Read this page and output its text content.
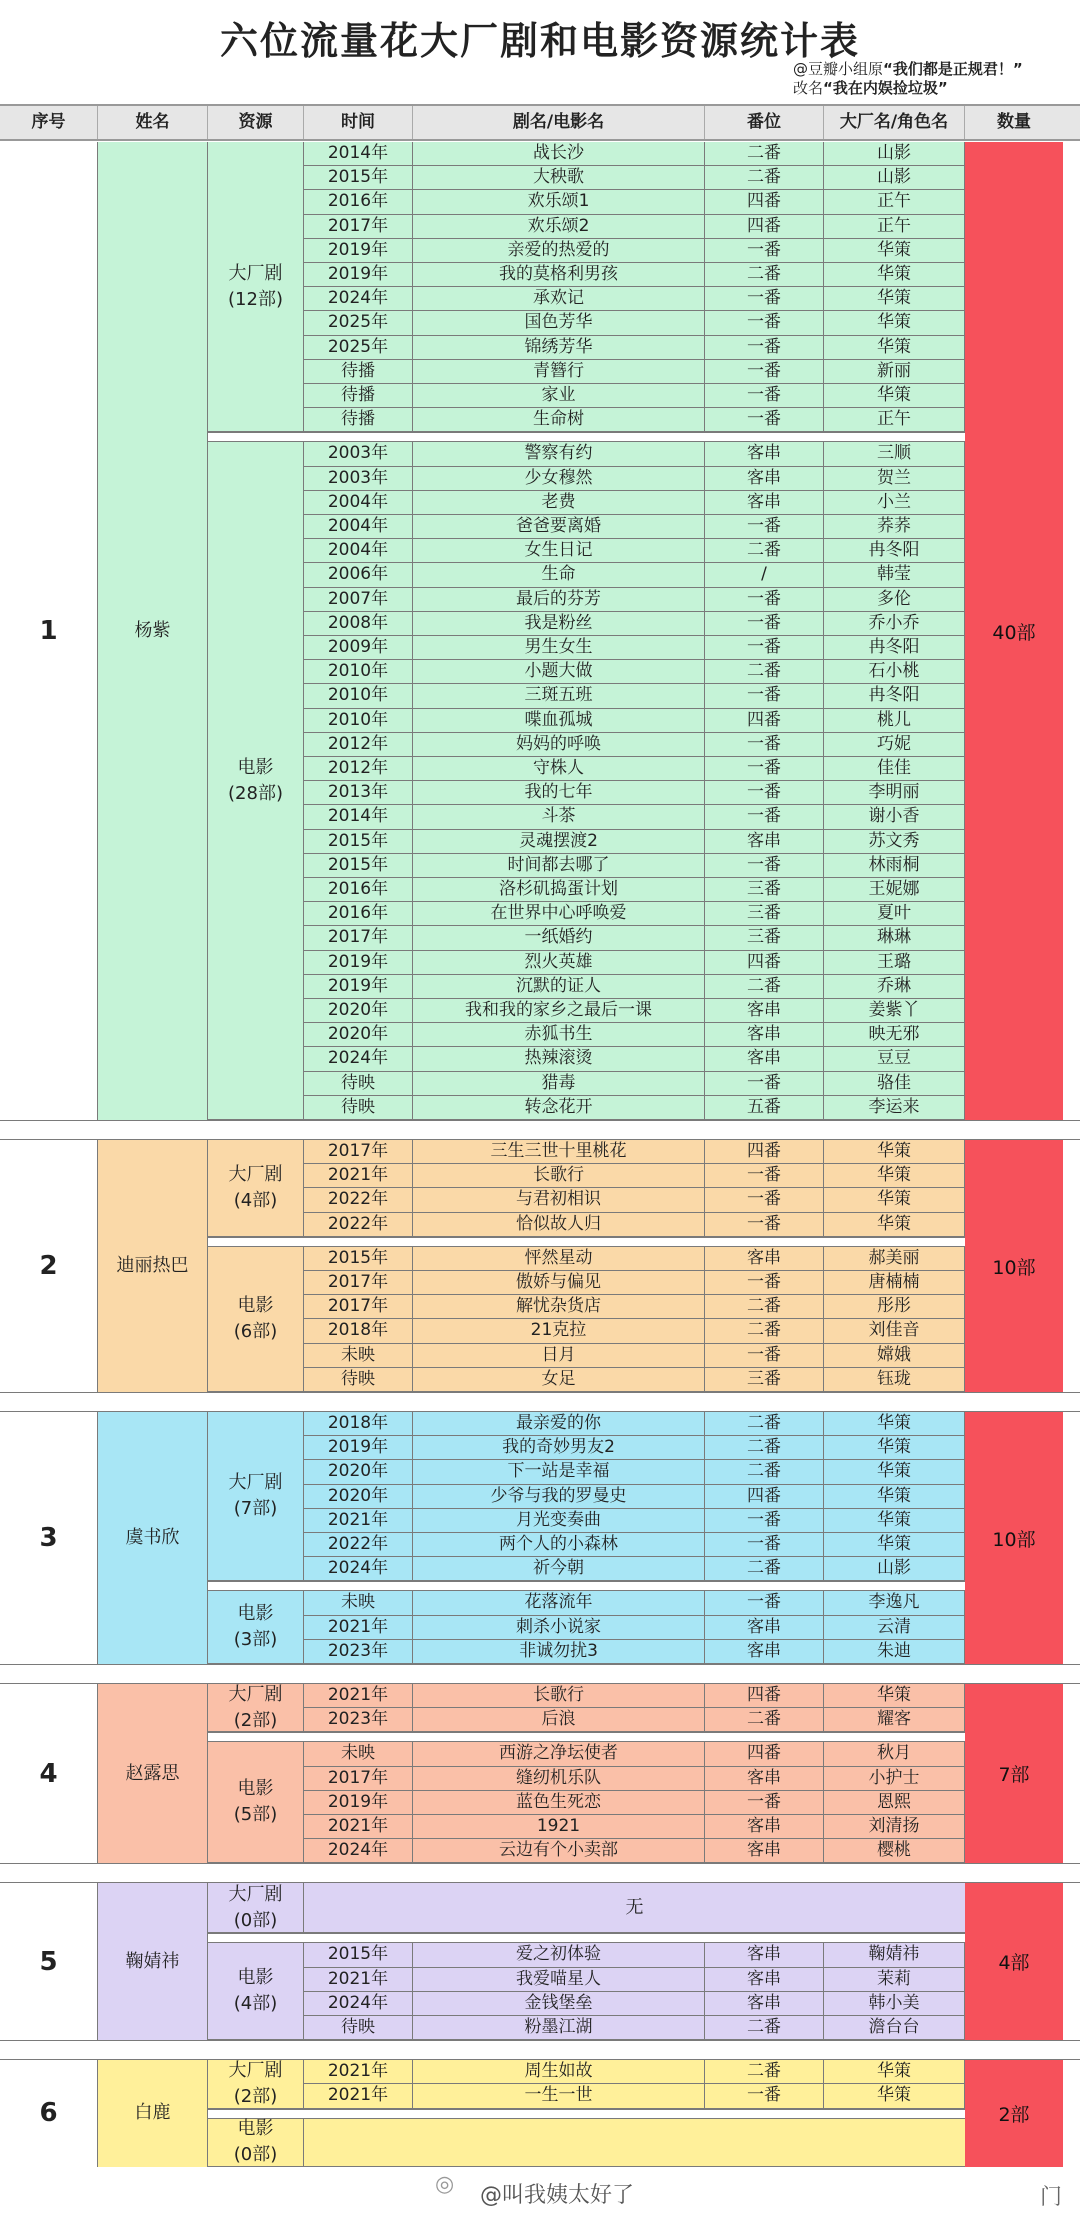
六位流量花大厂剧和电影资源统计表
@豆瓣小组原“我们都是正规君！”
改名“我在内娱捡垃圾”
序号	姓名	资源	时间	剧名/电影名	番位	大厂名/角色名	数量
1	杨紫	40部
大厂剧
(12部)
2014年	战长沙	二番	山影
2015年	大秧歌	二番	山影
2016年	欢乐颂1	四番	正午
2017年	欢乐颂2	四番	正午
2019年	亲爱的热爱的	一番	华策
2019年	我的莫格利男孩	二番	华策
2024年	承欢记	一番	华策
2025年	国色芳华	一番	华策
2025年	锦绣芳华	一番	华策
待播	青簪行	一番	新丽
待播	家业	一番	华策
待播	生命树	一番	正午
电影
(28部)
2003年	警察有约	客串	三顺
2003年	少女穆然	客串	贺兰
2004年	老费	客串	小兰
2004年	爸爸要离婚	一番	荞荞
2004年	女生日记	二番	冉冬阳
2006年	生命	/	韩莹
2007年	最后的芬芳	一番	多伦
2008年	我是粉丝	一番	乔小乔
2009年	男生女生	一番	冉冬阳
2010年	小题大做	二番	石小桃
2010年	三斑五班	一番	冉冬阳
2010年	喋血孤城	四番	桃儿
2012年	妈妈的呼唤	一番	巧妮
2012年	守株人	一番	佳佳
2013年	我的七年	一番	李明丽
2014年	斗茶	一番	谢小香
2015年	灵魂摆渡2	客串	苏文秀
2015年	时间都去哪了	一番	林雨桐
2016年	洛杉矶捣蛋计划	三番	王妮娜
2016年	在世界中心呼唤爱	三番	夏叶
2017年	一纸婚约	三番	琳琳
2019年	烈火英雄	四番	王璐
2019年	沉默的证人	二番	乔琳
2020年	我和我的家乡之最后一课	客串	姜紫丫
2020年	赤狐书生	客串	映无邪
2024年	热辣滚烫	客串	豆豆
待映	猎毒	一番	骆佳
待映	转念花开	五番	李运来
2	迪丽热巴	10部
大厂剧
(4部)
2017年	三生三世十里桃花	四番	华策
2021年	长歌行	一番	华策
2022年	与君初相识	一番	华策
2022年	恰似故人归	一番	华策
电影
(6部)
2015年	怦然星动	客串	郝美丽
2017年	傲娇与偏见	一番	唐楠楠
2017年	解忧杂货店	二番	彤彤
2018年	21克拉	二番	刘佳音
未映	日月	一番	嫦娥
待映	女足	三番	钰珑
3	虞书欣	10部
大厂剧
(7部)
2018年	最亲爱的你	二番	华策
2019年	我的奇妙男友2	二番	华策
2020年	下一站是幸福	二番	华策
2020年	少爷与我的罗曼史	四番	华策
2021年	月光变奏曲	一番	华策
2022年	两个人的小森林	一番	华策
2024年	祈今朝	二番	山影
电影
(3部)
未映	花落流年	一番	李逸凡
2021年	刺杀小说家	客串	云清
2023年	非诚勿扰3	客串	朱迪
4	赵露思	7部
大厂剧
(2部)
2021年	长歌行	四番	华策
2023年	后浪	二番	耀客
电影
(5部)
未映	西游之净坛使者	四番	秋月
2017年	缝纫机乐队	客串	小护士
2019年	蓝色生死恋	一番	恩熙
2021年	1921	客串	刘清扬
2024年	云边有个小卖部	客串	樱桃
5	鞠婧祎	4部
大厂剧
(0部)
无
电影
(4部)
2015年	爱之初体验	客串	鞠婧祎
2021年	我爱喵星人	客串	茉莉
2024年	金钱堡垒	客串	韩小美
待映	粉墨江湖	二番	澹台台
6	白鹿	2部
大厂剧
(2部)
2021年	周生如故	二番	华策
2021年	一生一世	一番	华策
电影
(0部)
◎	@叫我姨太好了	门
